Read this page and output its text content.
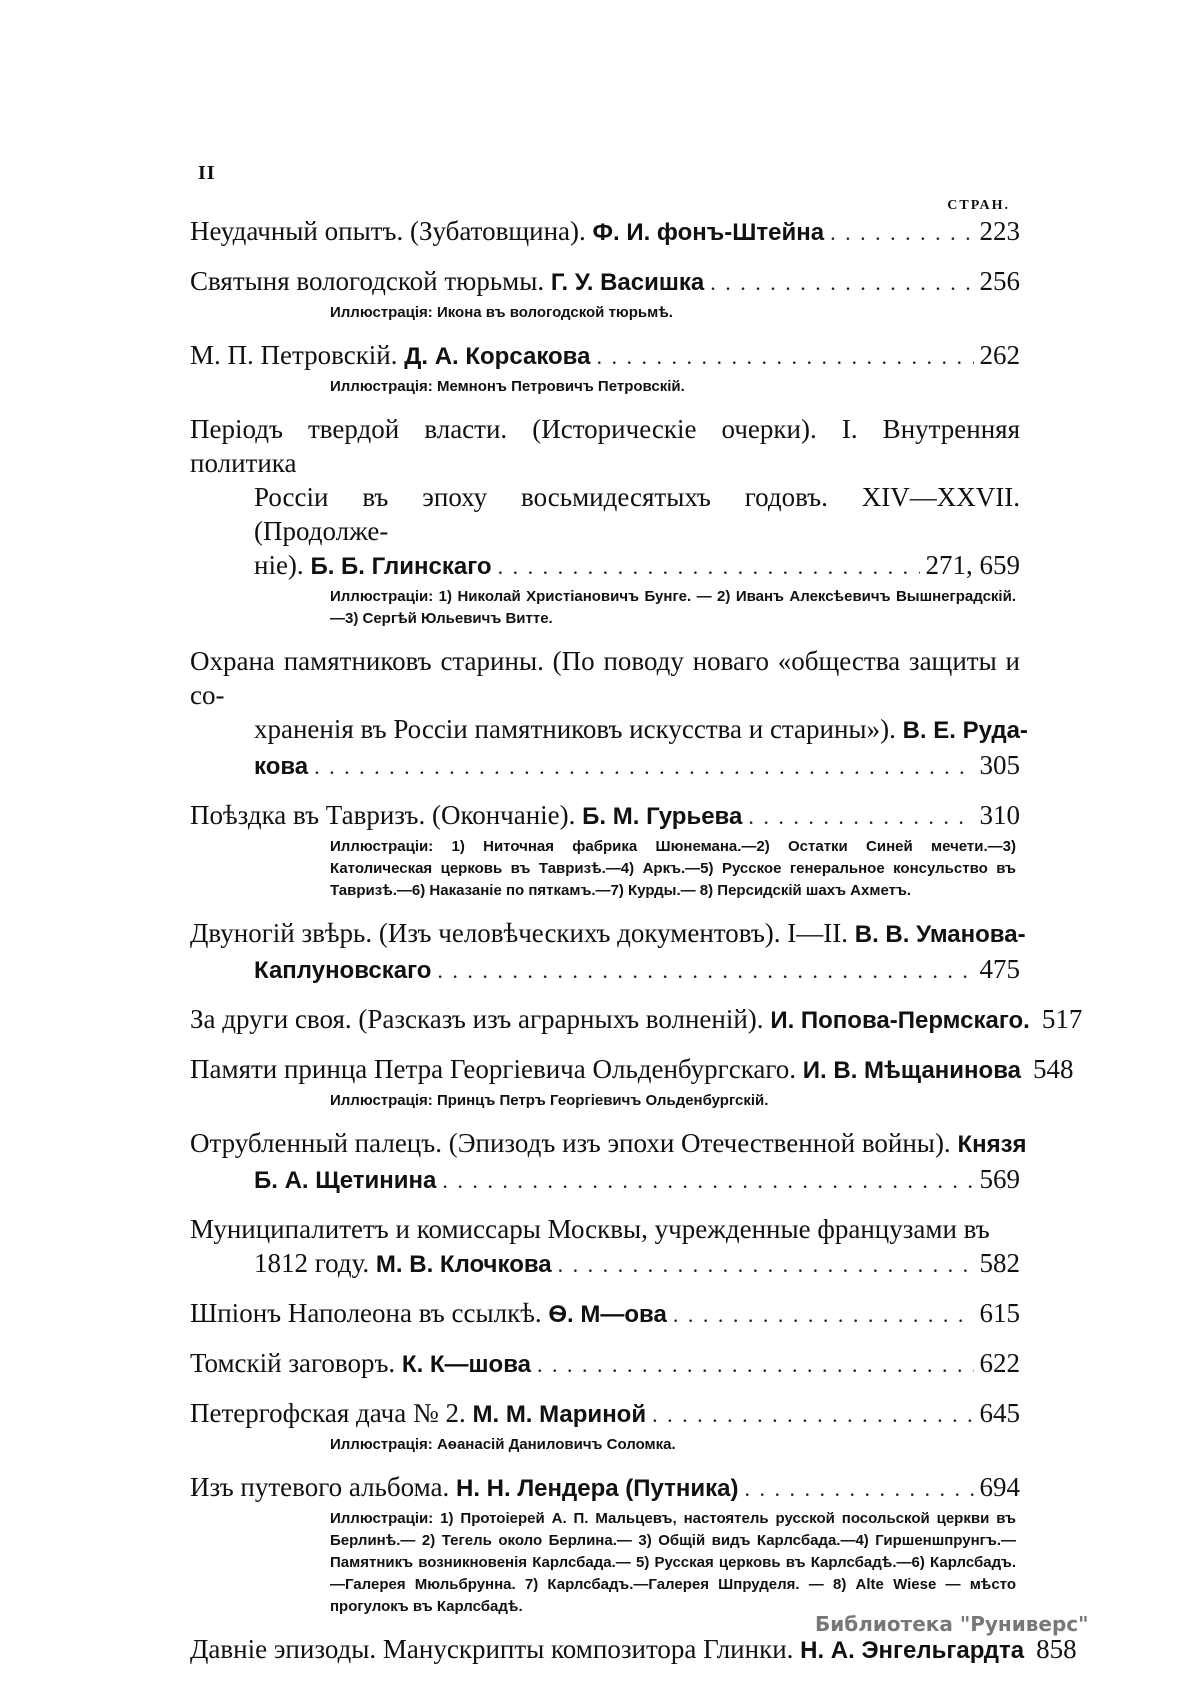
II
СТРАН.
Неудачный опытъ. (Зубатовщина).
Ф. И. фонъ-Штейна . . .	223
Святыня вологодской тюрьмы.
Г. У. Васишка . . .	256
Иллюстрація: Икона въ вологодской тюрьмѣ.
М. П. Петровскій.
Д. А. Корсакова . . .	262
Иллюстрація: Мемнонъ Петровичъ Петровскій.
Періодъ твердой власти. (Историческіе очерки). I. Внутренняя политика
Россіи въ эпоху восьмидесятыхъ годовъ. XIV—XXVII. (Продолже-
ніе).
Б. Б. Глинскаго . . .	271, 659
Иллюстраціи: 1) Николай Христіановичъ Бунге. — 2) Иванъ Алексѣевичъ Вышнеградскій.—3) Сергѣй Юльевичъ Витте.
Охрана памятниковъ старины. (По поводу новаго «общества защиты и со-
храненія въ Россіи памятниковъ искусства и старины»).
В. Е. Руда-
кова . . .	305
Поѣздка въ Тавризъ. (Окончаніе).
Б. М. Гурьева . . .	310
Иллюстраціи: 1) Ниточная фабрика Шюнемана.—2) Остатки Синей мечети.—3) Католическая церковь въ Тавризѣ.—4) Аркъ.—5) Русское генеральное консульство въ Тавризѣ.—6) Наказаніе по пяткамъ.—7) Курды.— 8) Персидскій шахъ Ахметъ.
Двуногій звѣрь. (Изъ человѣческихъ документовъ). I—II.
В. В. Уманова-
Каплуновскаго . . .	475
За други своя. (Разсказъ изъ аграрныхъ волненій).
И. Попова-Пермскаго. 517
Памяти принца Петра Георгіевича Ольденбургскаго.
И. В. Мѣщанинова 548
Иллюстрація: Принцъ Петръ Георгіевичъ Ольденбургскій.
Отрубленный палецъ. (Эпизодъ изъ эпохи Отечественной войны).
Князя
Б. А. Щетинина . . .	569
Муниципалитетъ и комиссары Москвы, учрежденные французами въ
1812 году.
М. В. Клочкова . . .	582
Шпіонъ Наполеона въ ссылкѣ.
Ѳ. М—ова . . .	615
Томскій заговоръ.
К. К—шова . . .	622
Петергофская дача № 2.
М. М. Мариной . . .	645
Иллюстрація: Аѳанасій Даниловичъ Соломка.
Изъ путевого альбома.
Н. Н. Лендера (Путника) . . .	694
Иллюстраціи: 1) Протоіерей А. П. Мальцевъ, настоятель русской посольской церкви въ Берлинѣ.— 2) Тегель около Берлина.— 3) Общій видъ Карлсбада.—4) Гиршеншпрунгъ.—Памятникъ возникновенія Карлсбада.— 5) Русская церковь въ Карлсбадѣ.—6) Карлсбадъ.—Галерея Мюльбрунна. 7) Карлсбадъ.—Галерея Шпруделя. — 8) Alte Wiese — мѣсто прогулокъ въ Карлсбадѣ.
Давніе эпизоды. Манускрипты композитора Глинки.
Н. А. Энгельгардта 858
Библиотека "Руниверс"
